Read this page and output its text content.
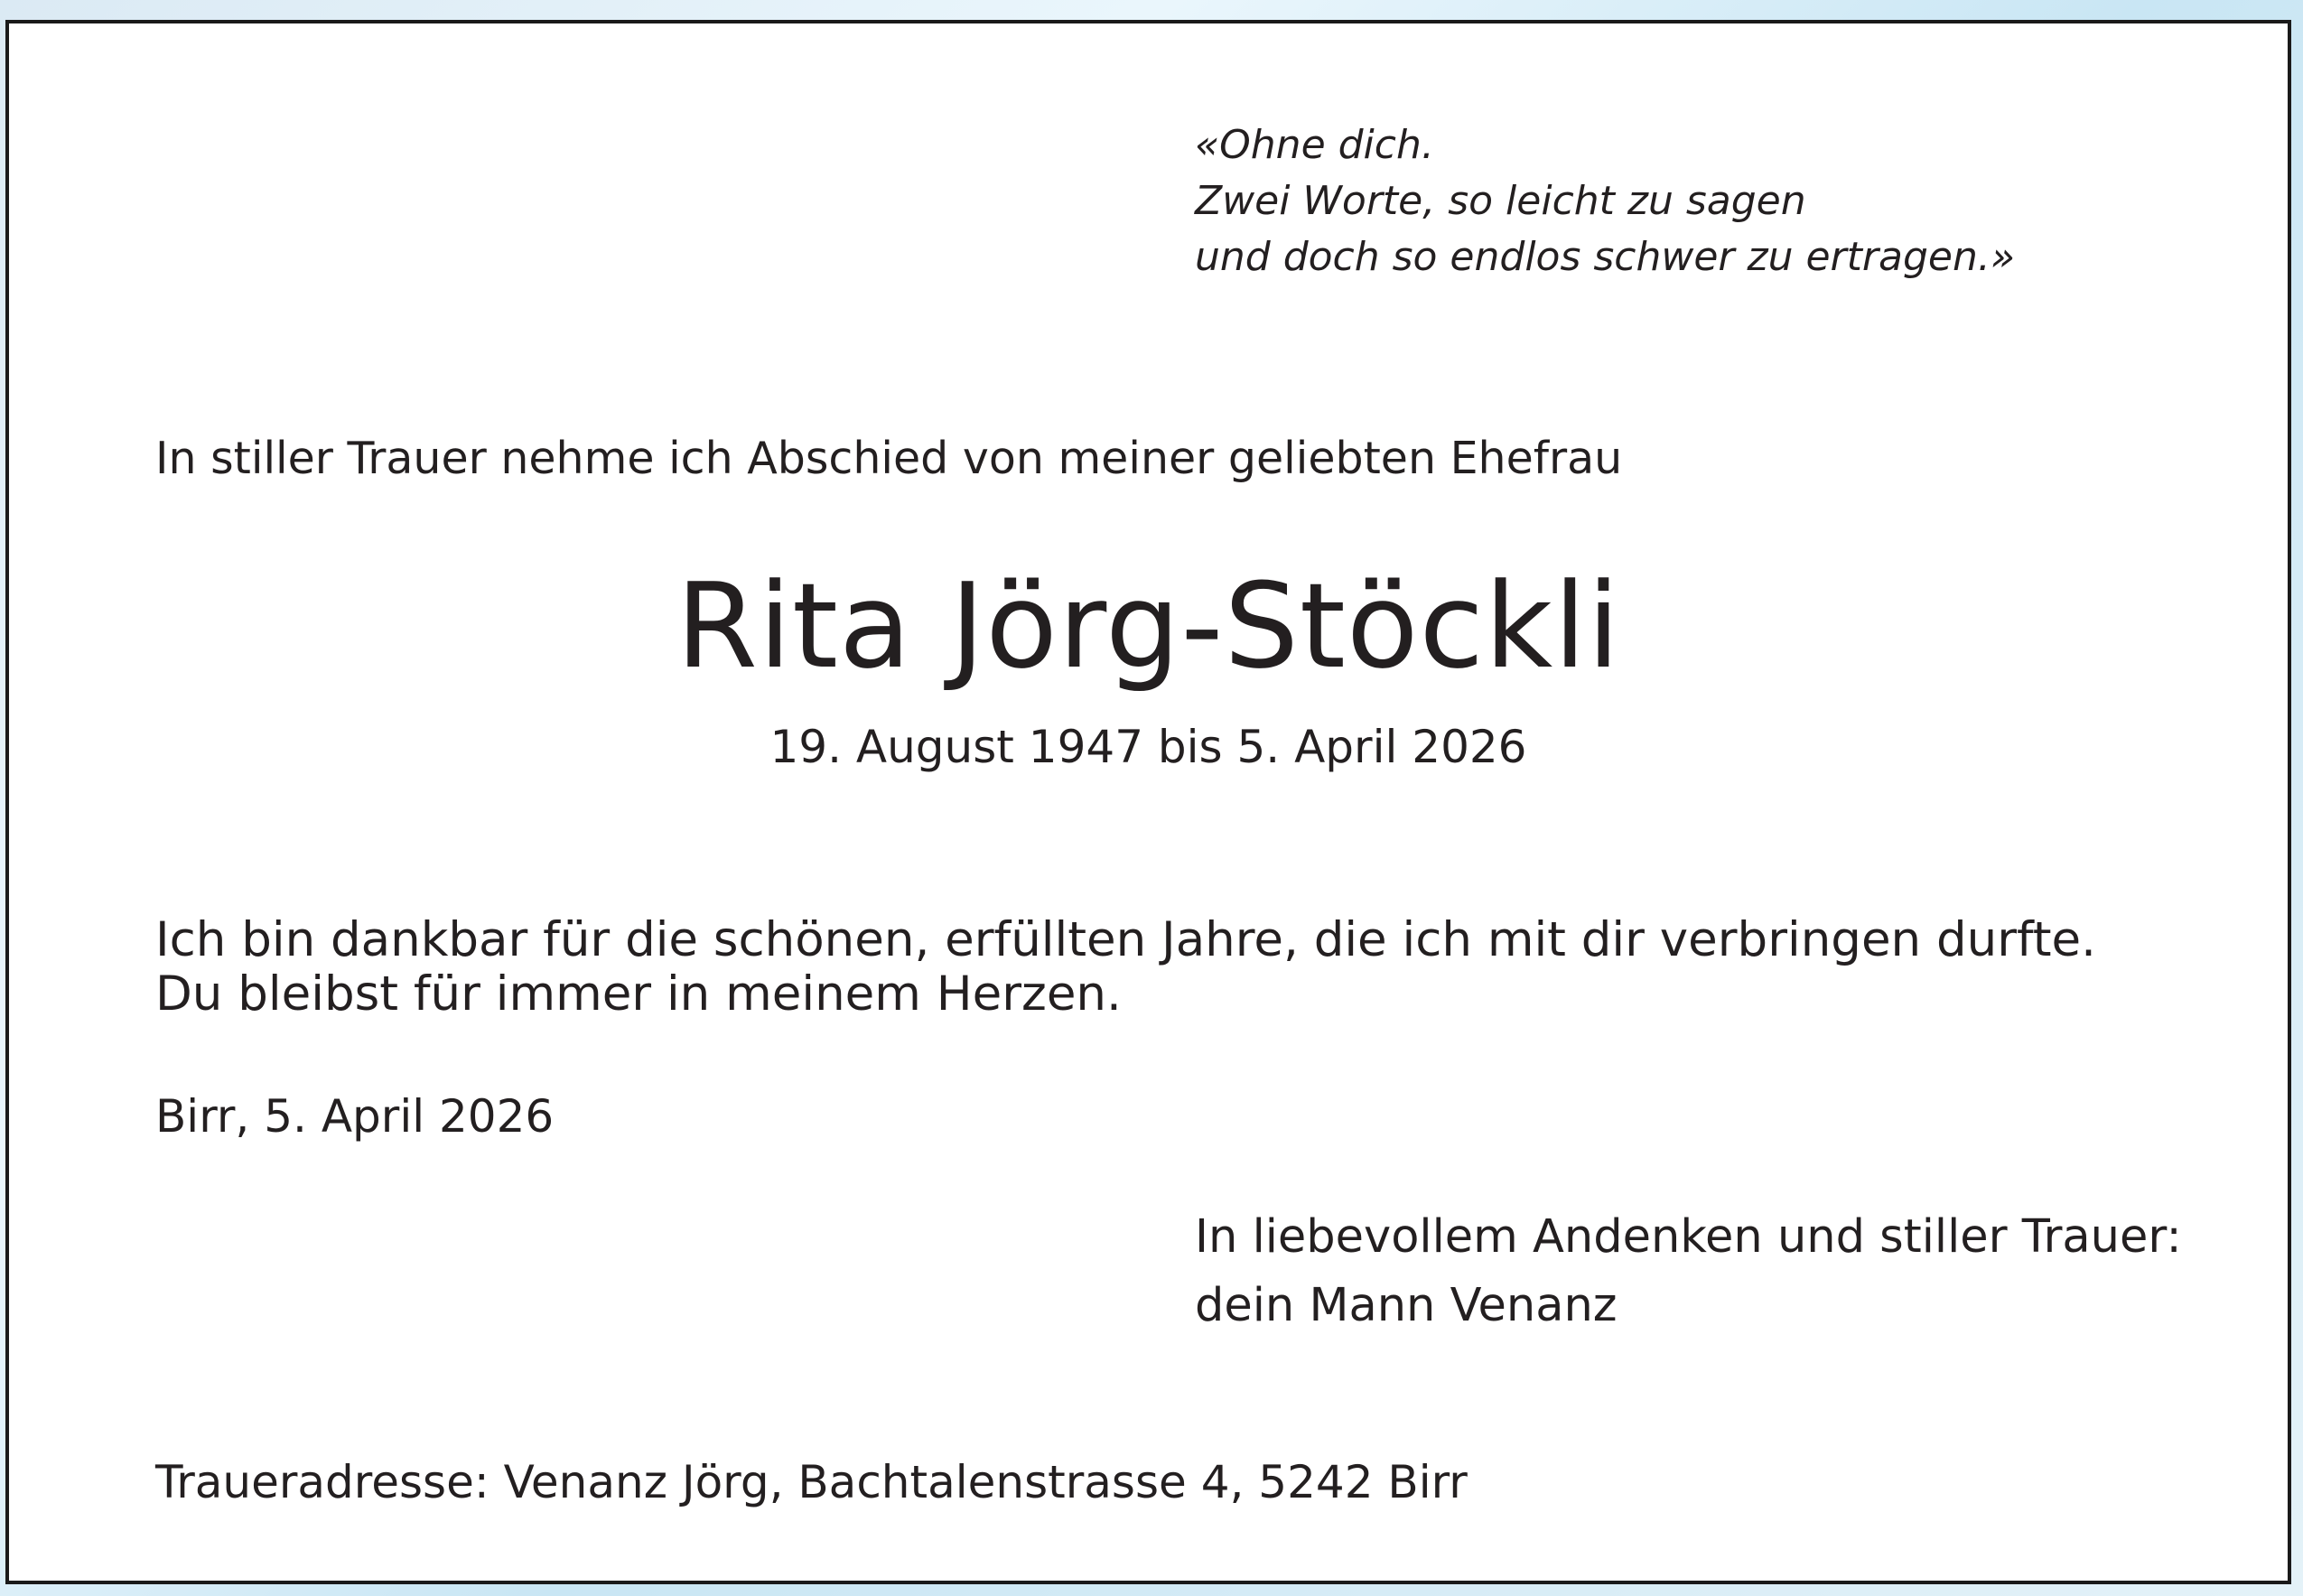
«Ohne dich.
Zwei Worte, so leicht zu sagen
und doch so endlos schwer zu ertragen.»
In stiller Trauer nehme ich Abschied von meiner geliebten Ehefrau
Rita Jörg-Stöckli
19. August 1947 bis 5. April 2026
Ich bin dankbar für die schönen, erfüllten Jahre, die ich mit dir verbringen durfte.
Du bleibst für immer in meinem Herzen.
Birr, 5. April 2026
In liebevollem Andenken und stiller Trauer:
dein Mann Venanz
Traueradresse: Venanz Jörg, Bachtalenstrasse 4, 5242 Birr
